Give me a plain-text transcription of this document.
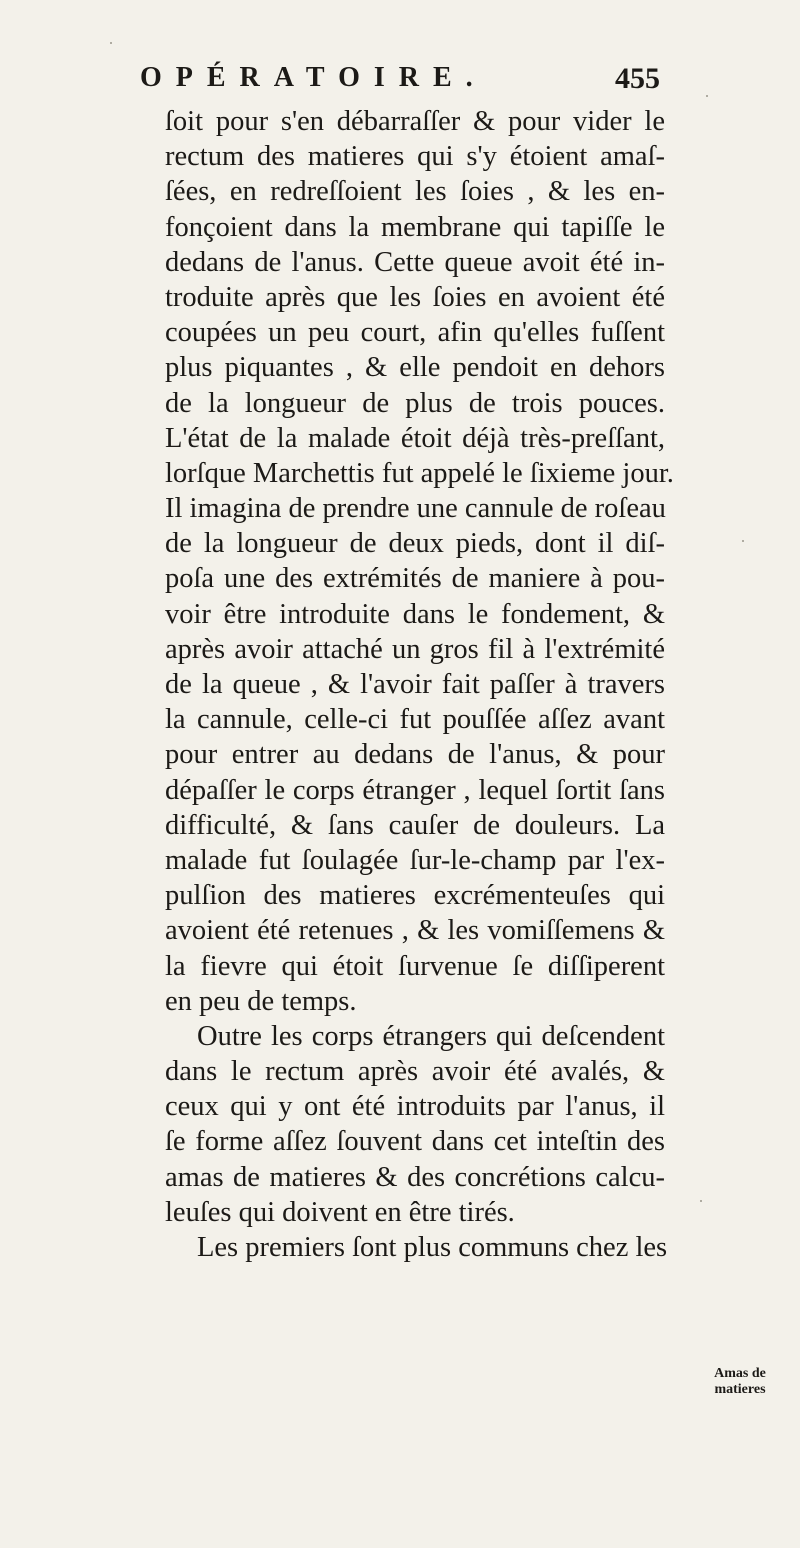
OPÉRATOIRE.	455
ſoit pour s'en débarraſſer & pour vider le
rectum des matieres qui s'y étoient amaſ-
ſées, en redreſſoient les ſoies , & les en-
fonçoient dans la membrane qui tapiſſe le
dedans de l'anus. Cette queue avoit été in-
troduite après que les ſoies en avoient été
coupées un peu court, afin qu'elles fuſſent
plus piquantes , & elle pendoit en dehors
de la longueur de plus de trois pouces.
L'état de la malade étoit déjà très-preſſant,
lorſque Marchettis fut appelé le ſixieme jour.
Il imagina de prendre une cannule de roſeau
de la longueur de deux pieds, dont il diſ-
poſa une des extrémités de maniere à pou-
voir être introduite dans le fondement, &
après avoir attaché un gros fil à l'extrémité
de la queue , & l'avoir fait paſſer à travers
la cannule, celle-ci fut pouſſée aſſez avant
pour entrer au dedans de l'anus, & pour
dépaſſer le corps étranger , lequel ſortit ſans
difficulté, & ſans cauſer de douleurs. La
malade fut ſoulagée ſur-le-champ par l'ex-
pulſion des matieres excrémenteuſes qui
avoient été retenues , & les vomiſſemens &
la fievre qui étoit ſurvenue ſe diſſiperent
en peu de temps.
Outre les corps étrangers qui deſcendent
dans le rectum après avoir été avalés, &
ceux qui y ont été introduits par l'anus, il
ſe forme aſſez ſouvent dans cet inteſtin des
amas de matieres & des concrétions calcu-
leuſes qui doivent en être tirés.
Les premiers ſont plus communs chez les
Amas de
matieres
